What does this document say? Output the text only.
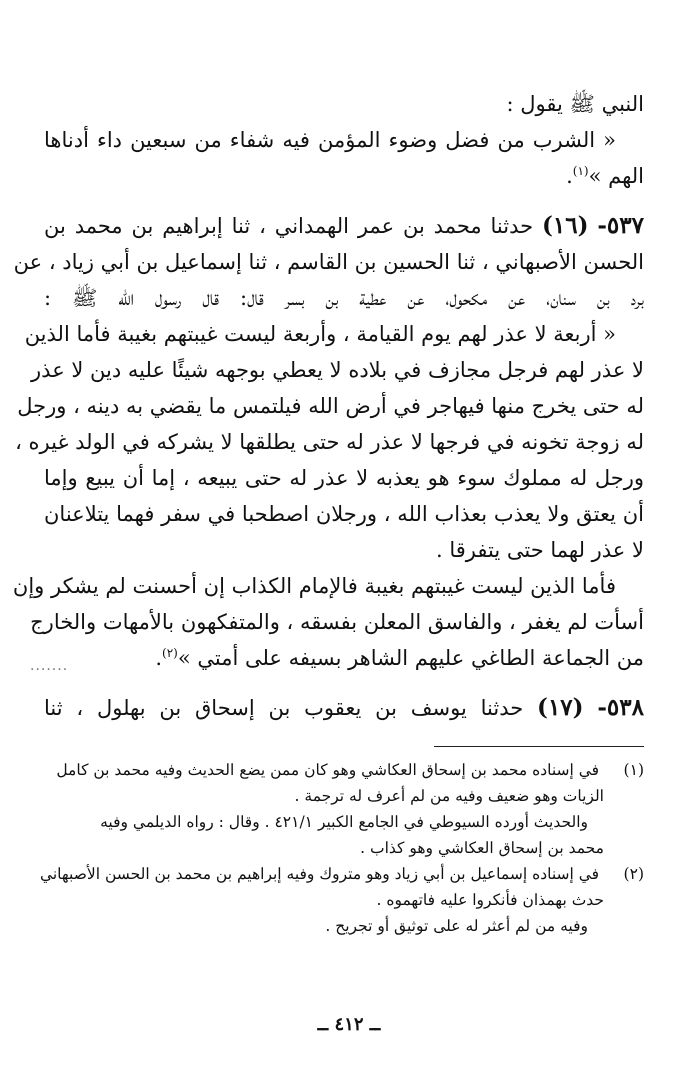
النبي ﷺ يقول :
« الشرب من فضل وضوء المؤمن فيه شفاء من سبعين داء أدناها
الهم »$^{(١)}$.
٥٣٧- (١٦) حدثنا محمد بن عمر الهمداني ، ثنا إبراهيم بن محمد بن
الحسن الأصبهاني ، ثنا الحسين بن القاسم ، ثنا إسماعيل بن أبي زياد ، عن
برد بن سنان، عن مكحول، عن عطية بن بسر قال: قال رسول الله ﷺ :
« أربعة لا عذر لهم يوم القيامة ، وأربعة ليست غيبتهم بغيبة فأما الذين
لا عذر لهم فرجل مجازف في بلاده لا يعطي بوجهه شيئًا عليه دين لا عذر
له حتى يخرج منها فيهاجر في أرض الله فيلتمس ما يقضي به دينه ، ورجل
له زوجة تخونه في فرجها لا عذر له حتى يطلقها لا يشركه في الولد غيره ،
ورجل له مملوك سوء هو يعذبه لا عذر له حتى يبيعه ، إما أن يبيع وإما
أن يعتق ولا يعذب بعذاب الله ، ورجلان اصطحبا في سفر فهما يتلاعنان
لا عذر لهما حتى يتفرقا .
فأما الذين ليست غيبتهم بغيبة فالإمام الكذاب إن أحسنت لم يشكر وإن
أسأت لم يغفر ، والفاسق المعلن بفسقه ، والمتفكهون بالأمهات والخارج
من الجماعة الطاغي عليهم الشاهر بسيفه على أمتي »$^{(٢)}$.
٥٣٨- (١٧) حدثنا يوسف بن يعقوب بن إسحاق بن بهلول ، ثنا
(١) في إسناده محمد بن إسحاق العكاشي وهو كان ممن يضع الحديث وفيه محمد بن كامل
الزيات وهو ضعيف وفيه من لم أعرف له ترجمة .
والحديث أورده السيوطي في الجامع الكبير ٤٢١/١ . وقال : رواه الديلمي وفيه
محمد بن إسحاق العكاشي وهو كذاب .
(٢) في إسناده إسماعيل بن أبي زياد وهو متروك وفيه إبراهيم بن محمد بن الحسن الأصبهاني
حدث بهمذان فأنكروا عليه فاتهموه .
وفيه من لم أعثر له على توثيق أو تجريح .
.......
ــ ٤١٢ ــ
